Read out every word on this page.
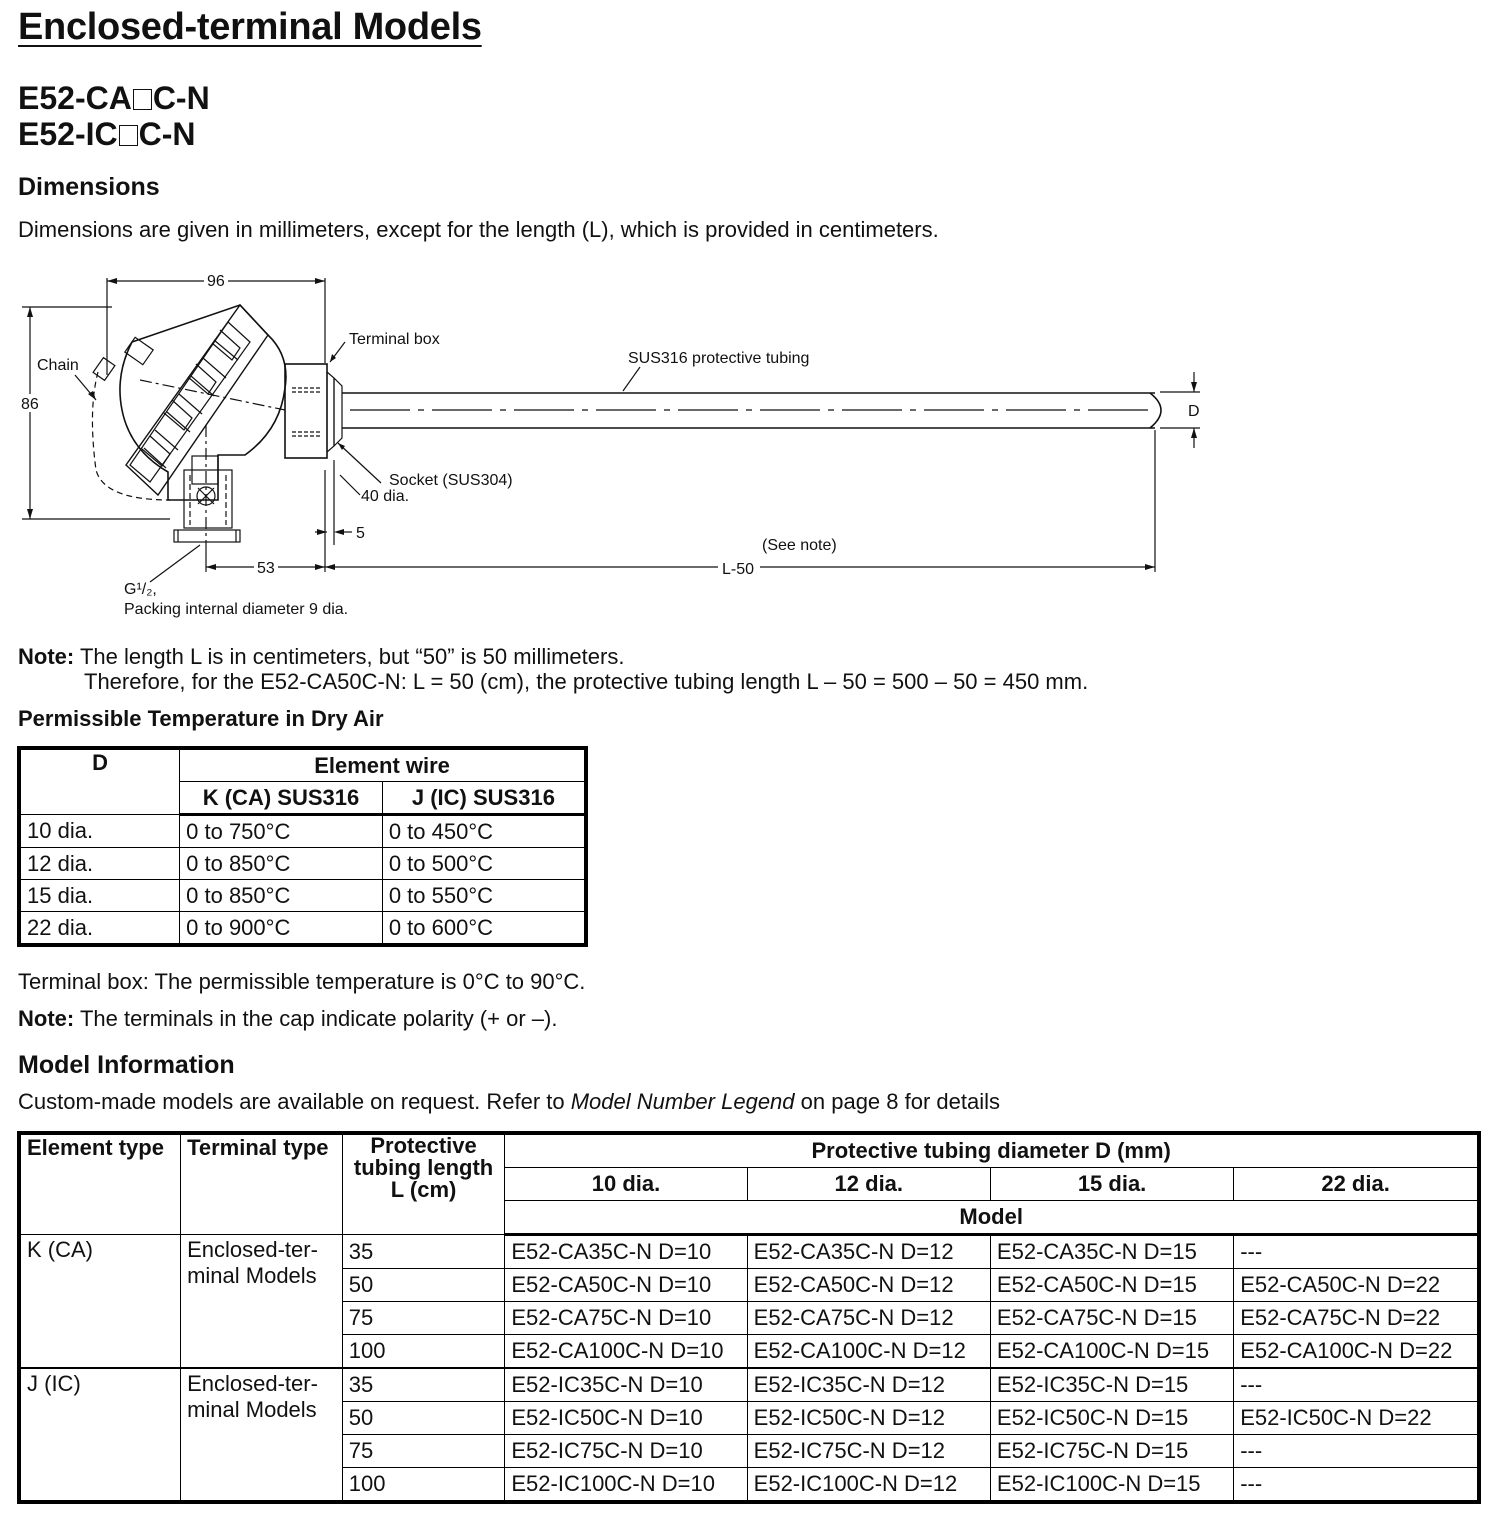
Enclosed-terminal Models
E52-CA C-N
E52-IC C-N
Dimensions
Dimensions are given in millimeters, except for the length (L), which is provided in centimeters.
96
86
Chain
Terminal box
SUS316 protective tubing
D
Socket (SUS304)
40 dia.
5
(See note)
53	L-50
G¹/₂,
Packing internal diameter 9 dia.
Note: The length L is in centimeters, but “50” is 50 millimeters.
Therefore, for the E52-CA50C-N: L = 50 (cm), the protective tubing length L – 50 = 500 – 50 = 450 mm.
Permissible Temperature in Dry Air
D	Element wire	
	K (CA) SUS316	J (IC) SUS316
10 dia.	0 to 750°C	0 to 450°C
12 dia.	0 to 850°C	0 to 500°C
15 dia.	0 to 850°C	0 to 550°C
22 dia.	0 to 900°C	0 to 600°C
Terminal box: The permissible temperature is 0°C to 90°C.
Note: The terminals in the cap indicate polarity (+ or –).
Model Information
Custom-made models are available on request. Refer to Model Number Legend on page 8 for details
Element type	Terminal type	Protective
tubing length
L (cm)	Protective tubing diameter D (mm)			
			10 dia.	12 dia.	15 dia.	22 dia.
			Model			
K (CA)	Enclosed-ter-minal Models	35	E52-CA35C-N D=10	E52-CA35C-N D=12	E52-CA35C-N D=15	---
		50	E52-CA50C-N D=10	E52-CA50C-N D=12	E52-CA50C-N D=15	E52-CA50C-N D=22
		75	E52-CA75C-N D=10	E52-CA75C-N D=12	E52-CA75C-N D=15	E52-CA75C-N D=22
		100	E52-CA100C-N D=10	E52-CA100C-N D=12	E52-CA100C-N D=15	E52-CA100C-N D=22
J (IC)	Enclosed-ter-minal Models	35	E52-IC35C-N D=10	E52-IC35C-N D=12	E52-IC35C-N D=15	---
		50	E52-IC50C-N D=10	E52-IC50C-N D=12	E52-IC50C-N D=15	E52-IC50C-N D=22
		75	E52-IC75C-N D=10	E52-IC75C-N D=12	E52-IC75C-N D=15	---
		100	E52-IC100C-N D=10	E52-IC100C-N D=12	E52-IC100C-N D=15	---
